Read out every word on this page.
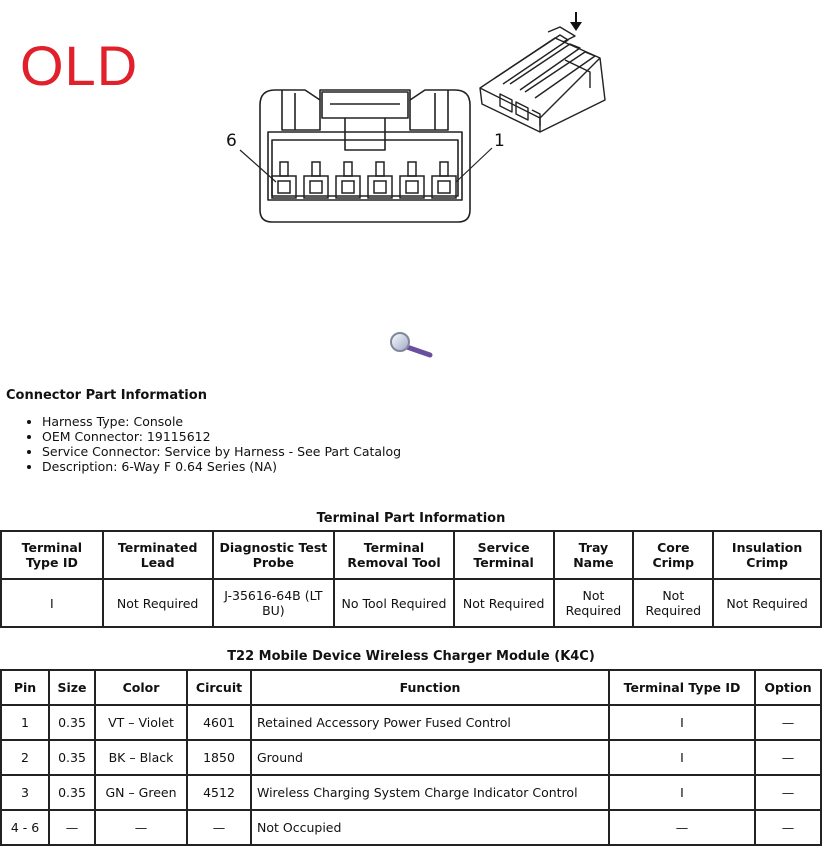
OLD
6	1
Connector Part Information
• Harness Type: Console
• OEM Connector: 19115612
• Service Connector: Service by Harness - See Part Catalog
• Description: 6-Way F 0.64 Series (NA)
Terminal Part Information
Terminal Type ID	Terminated Lead	Diagnostic Test Probe	Terminal Removal Tool	Service Terminal	Tray Name	Core Crimp	Insulation Crimp
I	Not Required	J-35616-64B (LT BU)	No Tool Required	Not Required	Not Required	Not Required	Not Required
T22 Mobile Device Wireless Charger Module (K4C)
Pin	Size	Color	Circuit	Function	Terminal Type ID	Option
1	0.35	VT – Violet	4601	Retained Accessory Power Fused Control	I	—
2	0.35	BK – Black	1850	Ground	I	—
3	0.35	GN – Green	4512	Wireless Charging System Charge Indicator Control	I	—
4 - 6	—	—	—	Not Occupied	—	—
